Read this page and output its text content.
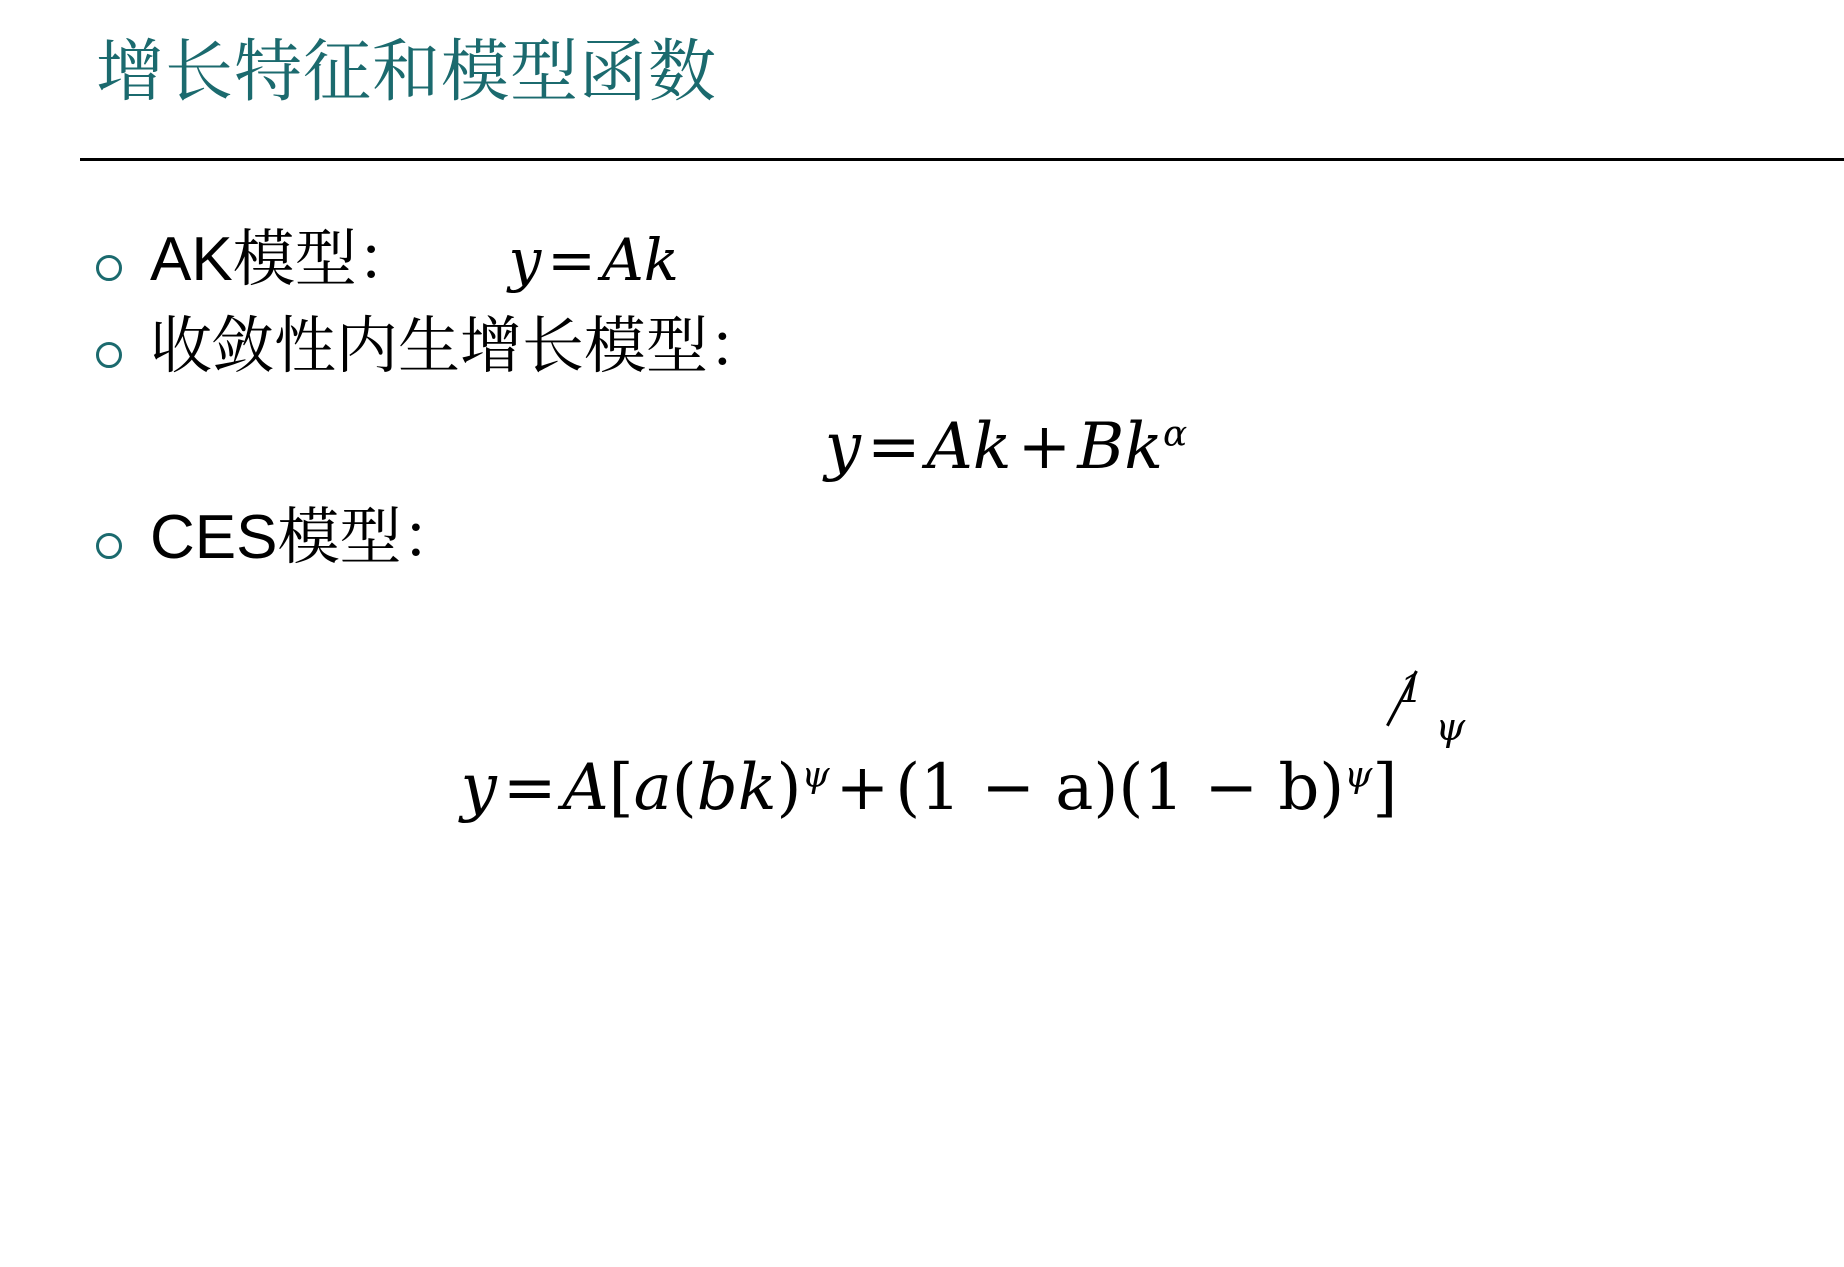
增长特征和模型函数
AK模型： y = Ak
收敛性内生增长模型：
$y=Ak+Bk^\alpha$
CES模型：
$y=A[a(bk)^\psi+(1 - a)(1 - b)^\psi]$
1
ψ
